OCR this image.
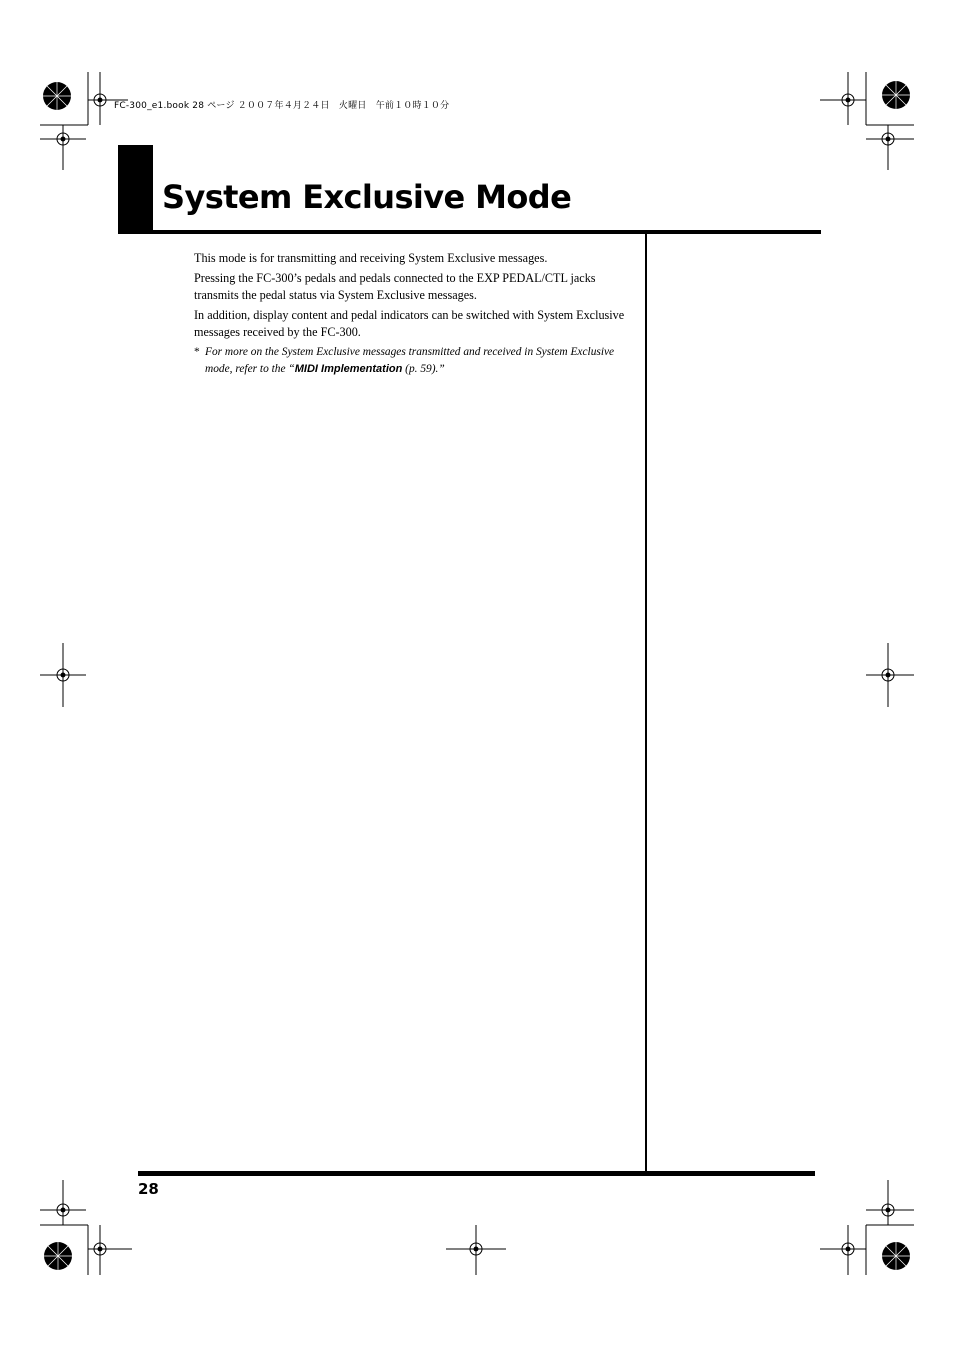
FC-300_e1.book 28 ページ ２００７年４月２４日　火曜日　午前１０時１０分
System Exclusive Mode

This mode is for transmitting and receiving System Exclusive messages.

Pressing the FC-300’s pedals and pedals connected to the EXP PEDAL/CTL jacks transmits the pedal status via System Exclusive messages.

In addition, display content and pedal indicators can be switched with System Exclusive messages received by the FC-300.

* For more on the System Exclusive messages transmitted and received in System Exclusive mode, refer to the “MIDI Implementation (p. 59).”
28
